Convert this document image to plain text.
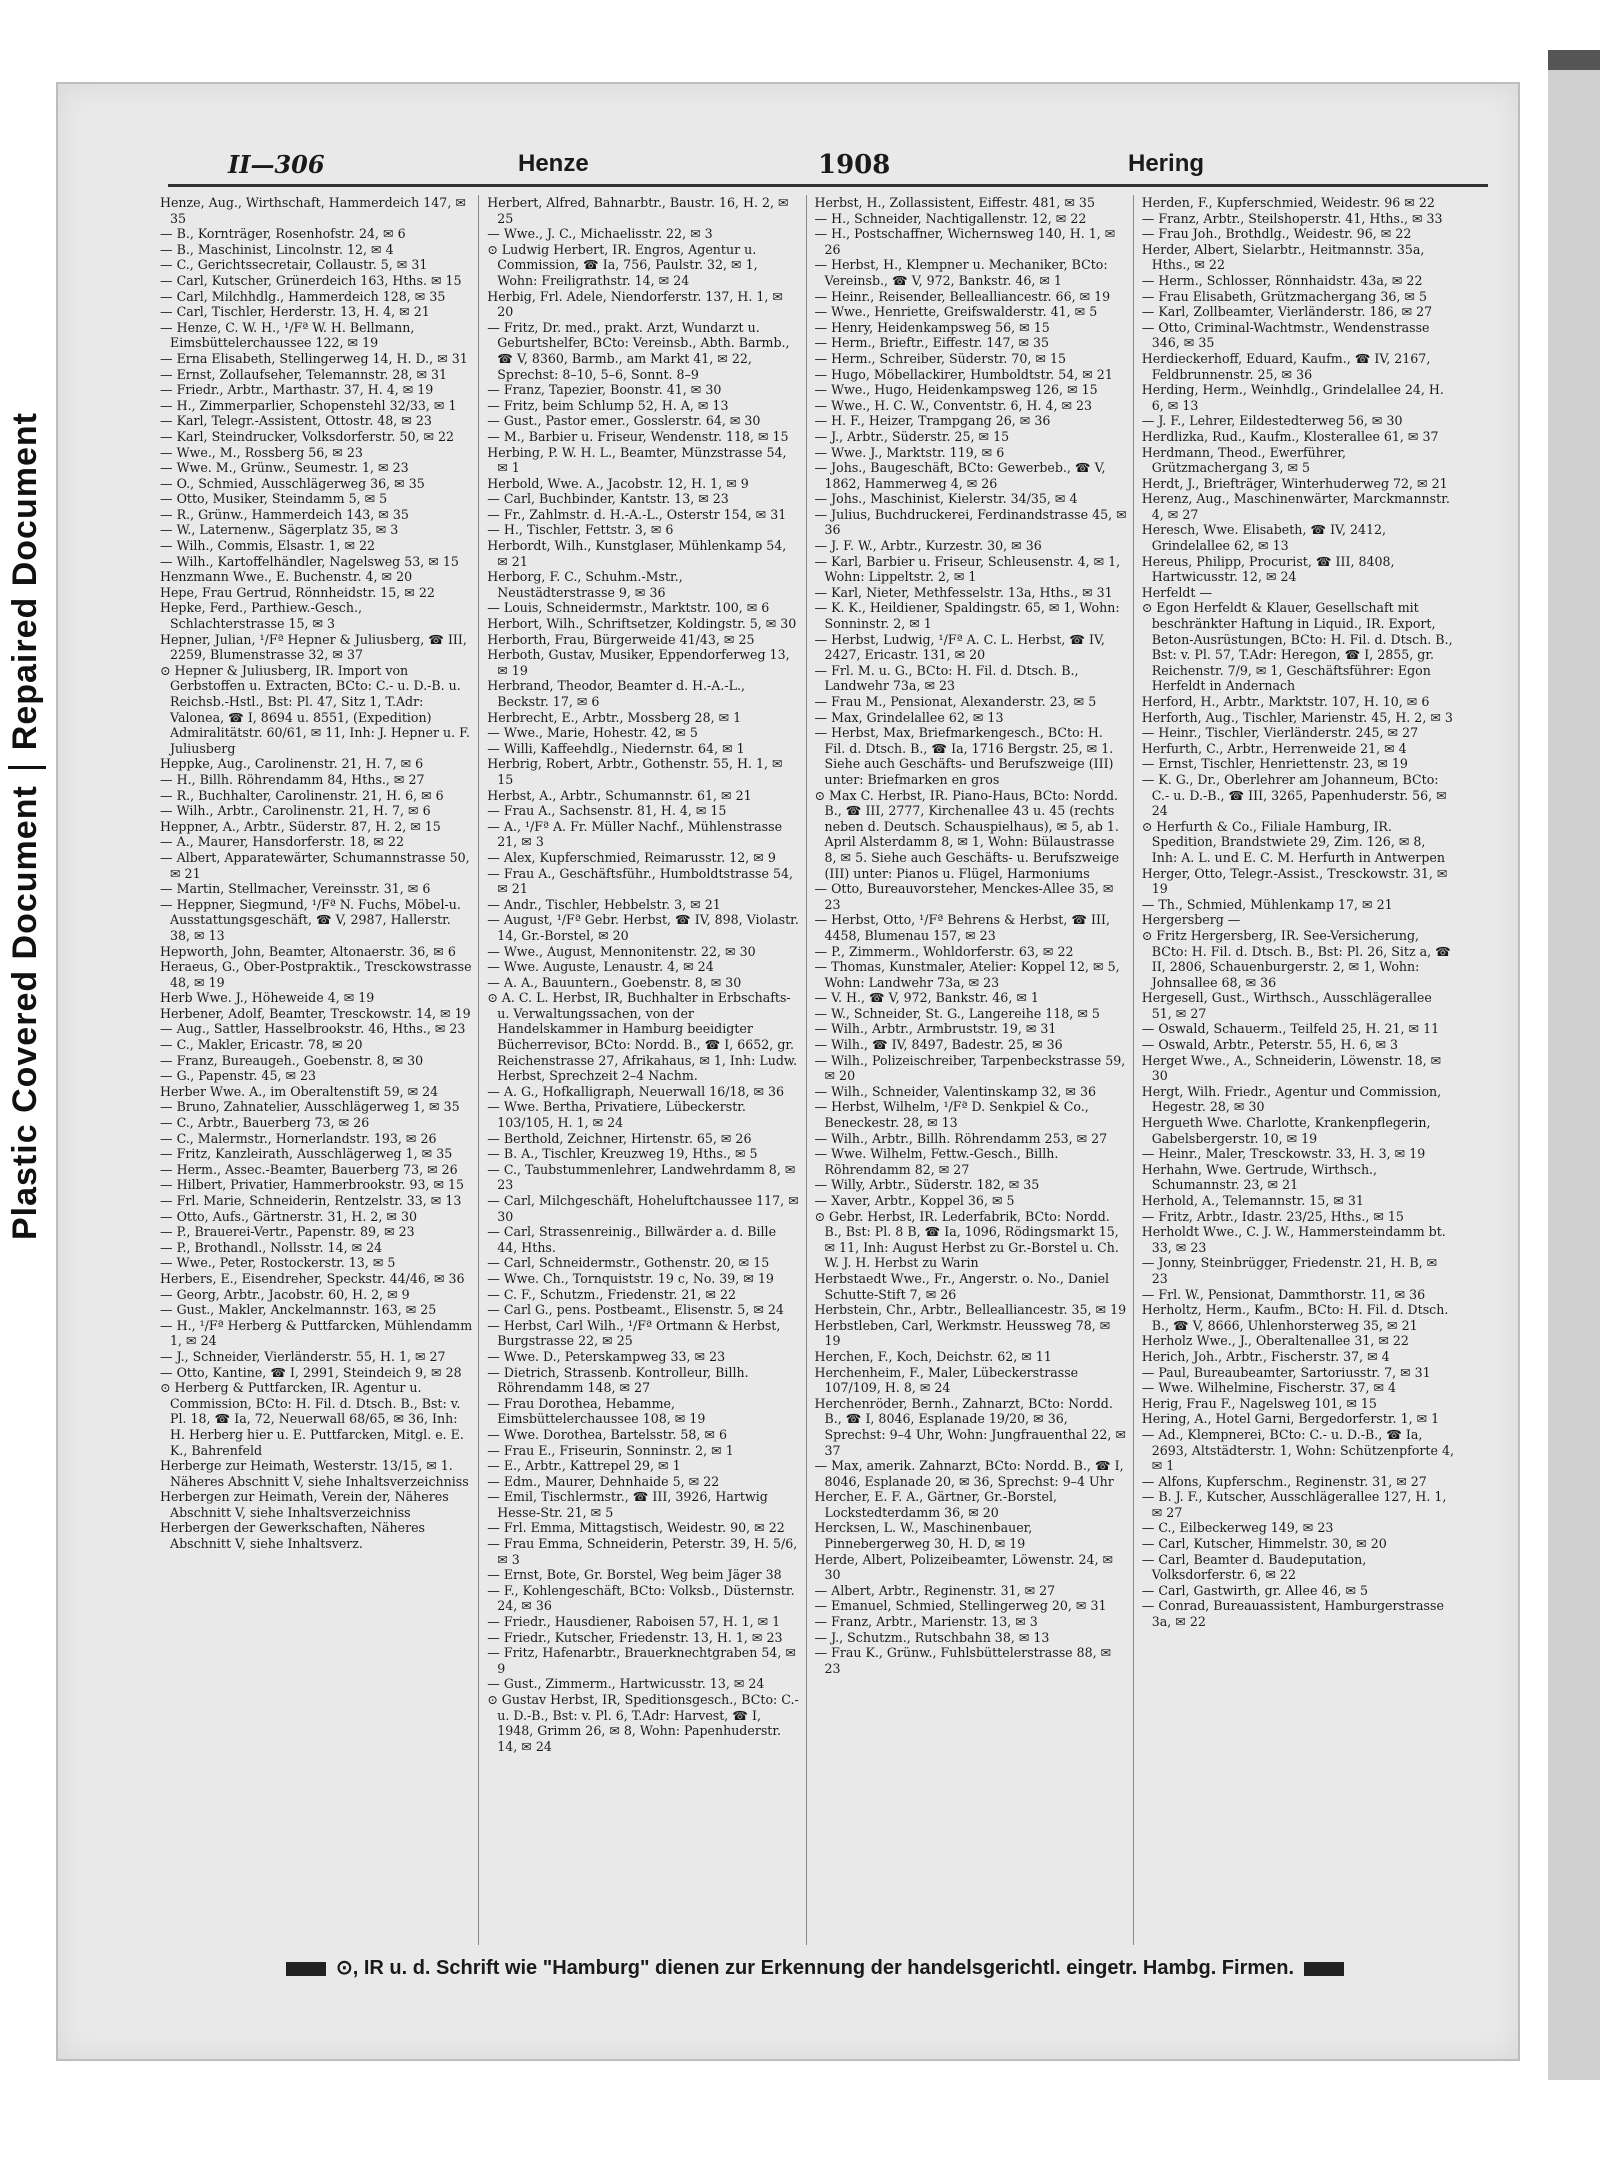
Plastic Covered DocumentRepaired Document
II—306	Henze	1908	Hering

Henze, Aug., Wirthschaft, Hammerdeich 147, ✉ 35

— B., Kornträger, Rosenhofstr. 24, ✉ 6

— B., Maschinist, Lincolnstr. 12, ✉ 4

— C., Gerichtssecretair, Collaustr. 5, ✉ 31

— Carl, Kutscher, Grünerdeich 163, Hths. ✉ 15

— Carl, Milchhdlg., Hammerdeich 128, ✉ 35

— Carl, Tischler, Herderstr. 13, H. 4, ✉ 21

— Henze, C. W. H., ¹/Fª W. H. Bellmann, Eimsbüttelerchaussee 122, ✉ 19

— Erna Elisabeth, Stellingerweg 14, H. D., ✉ 31

— Ernst, Zollaufseher, Telemannstr. 28, ✉ 31

— Friedr., Arbtr., Marthastr. 37, H. 4, ✉ 19

— H., Zimmerparlier, Schopenstehl 32/33, ✉ 1

— Karl, Telegr.-Assistent, Ottostr. 48, ✉ 23

— Karl, Steindrucker, Volksdorferstr. 50, ✉ 22

— Wwe., M., Rossberg 56, ✉ 23

— Wwe. M., Grünw., Seumestr. 1, ✉ 23

— O., Schmied, Ausschlägerweg 36, ✉ 35

— Otto, Musiker, Steindamm 5, ✉ 5

— R., Grünw., Hammerdeich 143, ✉ 35

— W., Laternenw., Sägerplatz 35, ✉ 3

— Wilh., Commis, Elsastr. 1, ✉ 22

— Wilh., Kartoffelhändler, Nagelsweg 53, ✉ 15

Henzmann Wwe., E. Buchenstr. 4, ✉ 20

Hepe, Frau Gertrud, Rönnheidstr. 15, ✉ 22

Hepke, Ferd., Parthiew.-Gesch., Schlachterstrasse 15, ✉ 3

Hepner, Julian, ¹/Fª Hepner & Juliusberg, ☎ III, 2259, Blumenstrasse 32, ✉ 37

⊙ Hepner & Juliusberg, IR. Import von Gerbstoffen u. Extracten, BCto: C.- u. D.-B. u. Reichsb.-Hstl., Bst: Pl. 47, Sitz 1, T.Adr: Valonea, ☎ I, 8694 u. 8551, (Expedition) Admiralitätstr. 60/61, ✉ 11, Inh: J. Hepner u. F. Juliusberg

Heppke, Aug., Carolinenstr. 21, H. 7, ✉ 6

— H., Billh. Röhrendamm 84, Hths., ✉ 27

— R., Buchhalter, Carolinenstr. 21, H. 6, ✉ 6

— Wilh., Arbtr., Carolinenstr. 21, H. 7, ✉ 6

Heppner, A., Arbtr., Süderstr. 87, H. 2, ✉ 15

— A., Maurer, Hansdorferstr. 18, ✉ 22

— Albert, Apparatewärter, Schumannstrasse 50, ✉ 21

— Martin, Stellmacher, Vereinsstr. 31, ✉ 6

— Heppner, Siegmund, ¹/Fª N. Fuchs, Möbel-u. Ausstattungsgeschäft, ☎ V, 2987, Hallerstr. 38, ✉ 13

Hepworth, John, Beamter, Altonaerstr. 36, ✉ 6

Heraeus, G., Ober-Postpraktik., Tresckowstrasse 48, ✉ 19

Herb Wwe. J., Höheweide 4, ✉ 19

Herbener, Adolf, Beamter, Tresckowstr. 14, ✉ 19

— Aug., Sattler, Hasselbrookstr. 46, Hths., ✉ 23

— C., Makler, Ericastr. 78, ✉ 20

— Franz, Bureaugeh., Goebenstr. 8, ✉ 30

— G., Papenstr. 45, ✉ 23

Herber Wwe. A., im Oberaltenstift 59, ✉ 24

— Bruno, Zahnatelier, Ausschlägerweg 1, ✉ 35

— C., Arbtr., Bauerberg 73, ✉ 26

— C., Malermstr., Hornerlandstr. 193, ✉ 26

— Fritz, Kanzleirath, Ausschlägerweg 1, ✉ 35

— Herm., Assec.-Beamter, Bauerberg 73, ✉ 26

— Hilbert, Privatier, Hammerbrookstr. 93, ✉ 15

— Frl. Marie, Schneiderin, Rentzelstr. 33, ✉ 13

— Otto, Aufs., Gärtnerstr. 31, H. 2, ✉ 30

— P., Brauerei-Vertr., Papenstr. 89, ✉ 23

— P., Brothandl., Nollsstr. 14, ✉ 24

— Wwe., Peter, Rostockerstr. 13, ✉ 5

Herbers, E., Eisendreher, Speckstr. 44/46, ✉ 36

— Georg, Arbtr., Jacobstr. 60, H. 2, ✉ 9

— Gust., Makler, Anckelmannstr. 163, ✉ 25

— H., ¹/Fª Herberg & Puttfarcken, Mühlendamm 1, ✉ 24

— J., Schneider, Vierländerstr. 55, H. 1, ✉ 27

— Otto, Kantine, ☎ I, 2991, Steindeich 9, ✉ 28

⊙ Herberg & Puttfarcken, IR. Agentur u. Commission, BCto: H. Fil. d. Dtsch. B., Bst: v. Pl. 18, ☎ Ia, 72, Neuerwall 68/65, ✉ 36, Inh: H. Herberg hier u. E. Puttfarcken, Mitgl. e. E. K., Bahrenfeld

Herberge zur Heimath, Westerstr. 13/15, ✉ 1. Näheres Abschnitt V, siehe Inhaltsverzeichniss

Herbergen zur Heimath, Verein der, Näheres Abschnitt V, siehe Inhaltsverzeichniss

Herbergen der Gewerkschaften, Näheres Abschnitt V, siehe Inhaltsverz.

Herbert, Alfred, Bahnarbtr., Baustr. 16, H. 2, ✉ 25

— Wwe., J. C., Michaelisstr. 22, ✉ 3

⊙ Ludwig Herbert, IR. Engros, Agentur u. Commission, ☎ Ia, 756, Paulstr. 32, ✉ 1, Wohn: Freiligrathstr. 14, ✉ 24

Herbig, Frl. Adele, Niendorferstr. 137, H. 1, ✉ 20

— Fritz, Dr. med., prakt. Arzt, Wundarzt u. Geburtshelfer, BCto: Vereinsb., Abth. Barmb., ☎ V, 8360, Barmb., am Markt 41, ✉ 22, Sprechst: 8–10, 5–6, Sonnt. 8–9

— Franz, Tapezier, Boonstr. 41, ✉ 30

— Fritz, beim Schlump 52, H. A, ✉ 13

— Gust., Pastor emer., Gosslerstr. 64, ✉ 30

— M., Barbier u. Friseur, Wendenstr. 118, ✉ 15

Herbing, P. W. H. L., Beamter, Münzstrasse 54, ✉ 1

Herbold, Wwe. A., Jacobstr. 12, H. 1, ✉ 9

— Carl, Buchbinder, Kantstr. 13, ✉ 23

— Fr., Zahlmstr. d. H.-A.-L., Osterstr 154, ✉ 31

— H., Tischler, Fettstr. 3, ✉ 6

Herbordt, Wilh., Kunstglaser, Mühlenkamp 54, ✉ 21

Herborg, F. C., Schuhm.-Mstr., Neustädterstrasse 9, ✉ 36

— Louis, Schneidermstr., Marktstr. 100, ✉ 6

Herbort, Wilh., Schriftsetzer, Koldingstr. 5, ✉ 30

Herborth, Frau, Bürgerweide 41/43, ✉ 25

Herboth, Gustav, Musiker, Eppendorferweg 13, ✉ 19

Herbrand, Theodor, Beamter d. H.-A.-L., Beckstr. 17, ✉ 6

Herbrecht, E., Arbtr., Mossberg 28, ✉ 1

— Wwe., Marie, Hohestr. 42, ✉ 5

— Willi, Kaffeehdlg., Niedernstr. 64, ✉ 1

Herbrig, Robert, Arbtr., Gothenstr. 55, H. 1, ✉ 15

Herbst, A., Arbtr., Schumannstr. 61, ✉ 21

— Frau A., Sachsenstr. 81, H. 4, ✉ 15

— A., ¹/Fª A. Fr. Müller Nachf., Mühlenstrasse 21, ✉ 3

— Alex, Kupferschmied, Reimarusstr. 12, ✉ 9

— Frau A., Geschäftsführ., Humboldtstrasse 54, ✉ 21

— Andr., Tischler, Hebbelstr. 3, ✉ 21

— August, ¹/Fª Gebr. Herbst, ☎ IV, 898, Violastr. 14, Gr.-Borstel, ✉ 20

— Wwe., August, Mennonitenstr. 22, ✉ 30

— Wwe. Auguste, Lenaustr. 4, ✉ 24

— A. A., Bauuntern., Goebenstr. 8, ✉ 30

⊙ A. C. L. Herbst, IR, Buchhalter in Erbschafts- u. Verwaltungssachen, von der Handelskammer in Hamburg beeidigter Bücherrevisor, BCto: Nordd. B., ☎ I, 6652, gr. Reichenstrasse 27, Afrikahaus, ✉ 1, Inh: Ludw. Herbst, Sprechzeit 2–4 Nachm.

— A. G., Hofkalligraph, Neuerwall 16/18, ✉ 36

— Wwe. Bertha, Privatiere, Lübeckerstr. 103/105, H. 1, ✉ 24

— Berthold, Zeichner, Hirtenstr. 65, ✉ 26

— B. A., Tischler, Kreuzweg 19, Hths., ✉ 5

— C., Taubstummenlehrer, Landwehrdamm 8, ✉ 23

— Carl, Milchgeschäft, Hoheluftchaussee 117, ✉ 30

— Carl, Strassenreinig., Billwärder a. d. Bille 44, Hths.

— Carl, Schneidermstr., Gothenstr. 20, ✉ 15

— Wwe. Ch., Tornquiststr. 19 c, No. 39, ✉ 19

— C. F., Schutzm., Friedenstr. 21, ✉ 22

— Carl G., pens. Postbeamt., Elisenstr. 5, ✉ 24

— Herbst, Carl Wilh., ¹/Fª Ortmann & Herbst, Burgstrasse 22, ✉ 25

— Wwe. D., Peterskampweg 33, ✉ 23

— Dietrich, Strassenb. Kontrolleur, Billh. Röhrendamm 148, ✉ 27

— Frau Dorothea, Hebamme, Eimsbüttelerchaussee 108, ✉ 19

— Wwe. Dorothea, Bartelsstr. 58, ✉ 6

— Frau E., Friseurin, Sonninstr. 2, ✉ 1

— E., Arbtr., Kattrepel 29, ✉ 1

— Edm., Maurer, Dehnhaide 5, ✉ 22

— Emil, Tischlermstr., ☎ III, 3926, Hartwig Hesse-Str. 21, ✉ 5

— Frl. Emma, Mittagstisch, Weidestr. 90, ✉ 22

— Frau Emma, Schneiderin, Peterstr. 39, H. 5/6, ✉ 3

— Ernst, Bote, Gr. Borstel, Weg beim Jäger 38

— F., Kohlengeschäft, BCto: Volksb., Düsternstr. 24, ✉ 36

— Friedr., Hausdiener, Raboisen 57, H. 1, ✉ 1

— Friedr., Kutscher, Friedenstr. 13, H. 1, ✉ 23

— Fritz, Hafenarbtr., Brauerknechtgraben 54, ✉ 9

— Gust., Zimmerm., Hartwicusstr. 13, ✉ 24

⊙ Gustav Herbst, IR, Speditionsgesch., BCto: C.- u. D.-B., Bst: v. Pl. 6, T.Adr: Harvest, ☎ I, 1948, Grimm 26, ✉ 8, Wohn: Papenhuderstr. 14, ✉ 24

Herbst, H., Zollassistent, Eiffestr. 481, ✉ 35

— H., Schneider, Nachtigallenstr. 12, ✉ 22

— H., Postschaffner, Wichernsweg 140, H. 1, ✉ 26

— Herbst, H., Klempner u. Mechaniker, BCto: Vereinsb., ☎ V, 972, Bankstr. 46, ✉ 1

— Heinr., Reisender, Bellealliancestr. 66, ✉ 19

— Wwe., Henriette, Greifswalderstr. 41, ✉ 5

— Henry, Heidenkampsweg 56, ✉ 15

— Herm., Brieftr., Eiffestr. 147, ✉ 35

— Herm., Schreiber, Süderstr. 70, ✉ 15

— Hugo, Möbellackirer, Humboldtstr. 54, ✉ 21

— Wwe., Hugo, Heidenkampsweg 126, ✉ 15

— Wwe., H. C. W., Conventstr. 6, H. 4, ✉ 23

— H. F., Heizer, Trampgang 26, ✉ 36

— J., Arbtr., Süderstr. 25, ✉ 15

— Wwe. J., Marktstr. 119, ✉ 6

— Johs., Baugeschäft, BCto: Gewerbeb., ☎ V, 1862, Hammerweg 4, ✉ 26

— Johs., Maschinist, Kielerstr. 34/35, ✉ 4

— Julius, Buchdruckerei, Ferdinandstrasse 45, ✉ 36

— J. F. W., Arbtr., Kurzestr. 30, ✉ 36

— Karl, Barbier u. Friseur, Schleusenstr. 4, ✉ 1, Wohn: Lippeltstr. 2, ✉ 1

— Karl, Nieter, Methfesselstr. 13a, Hths., ✉ 31

— K. K., Heildiener, Spaldingstr. 65, ✉ 1, Wohn: Sonninstr. 2, ✉ 1

— Herbst, Ludwig, ¹/Fª A. C. L. Herbst, ☎ IV, 2427, Ericastr. 131, ✉ 20

— Frl. M. u. G., BCto: H. Fil. d. Dtsch. B., Landwehr 73a, ✉ 23

— Frau M., Pensionat, Alexanderstr. 23, ✉ 5

— Max, Grindelallee 62, ✉ 13

— Herbst, Max, Briefmarkengesch., BCto: H. Fil. d. Dtsch. B., ☎ Ia, 1716 Bergstr. 25, ✉ 1. Siehe auch Geschäfts- und Berufszweige (III) unter: Briefmarken en gros

⊙ Max C. Herbst, IR. Piano-Haus, BCto: Nordd. B., ☎ III, 2777, Kirchenallee 43 u. 45 (rechts neben d. Deutsch. Schauspielhaus), ✉ 5, ab 1. April Alsterdamm 8, ✉ 1, Wohn: Bülaustrasse 8, ✉ 5. Siehe auch Geschäfts- u. Berufszweige (III) unter: Pianos u. Flügel, Harmoniums

— Otto, Bureauvorsteher, Menckes-Allee 35, ✉ 23

— Herbst, Otto, ¹/Fª Behrens & Herbst, ☎ III, 4458, Blumenau 157, ✉ 23

— P., Zimmerm., Wohldorferstr. 63, ✉ 22

— Thomas, Kunstmaler, Atelier: Koppel 12, ✉ 5, Wohn: Landwehr 73a, ✉ 23

— V. H., ☎ V, 972, Bankstr. 46, ✉ 1

— W., Schneider, St. G., Langereihe 118, ✉ 5

— Wilh., Arbtr., Armbruststr. 19, ✉ 31

— Wilh., ☎ IV, 8497, Badestr. 25, ✉ 36

— Wilh., Polizeischreiber, Tarpenbeckstrasse 59, ✉ 20

— Wilh., Schneider, Valentinskamp 32, ✉ 36

— Herbst, Wilhelm, ¹/Fª D. Senkpiel & Co., Beneckestr. 28, ✉ 13

— Wilh., Arbtr., Billh. Röhrendamm 253, ✉ 27

— Wwe. Wilhelm, Fettw.-Gesch., Billh. Röhrendamm 82, ✉ 27

— Willy, Arbtr., Süderstr. 182, ✉ 35

— Xaver, Arbtr., Koppel 36, ✉ 5

⊙ Gebr. Herbst, IR. Lederfabrik, BCto: Nordd. B., Bst: Pl. 8 B, ☎ Ia, 1096, Rödingsmarkt 15, ✉ 11, Inh: August Herbst zu Gr.-Borstel u. Ch. W. J. H. Herbst zu Warin

Herbstaedt Wwe., Fr., Angerstr. o. No., Daniel Schutte-Stift 7, ✉ 26

Herbstein, Chr., Arbtr., Bellealliancestr. 35, ✉ 19

Herbstleben, Carl, Werkmstr. Heussweg 78, ✉ 19

Herchen, F., Koch, Deichstr. 62, ✉ 11

Herchenheim, F., Maler, Lübeckerstrasse 107/109, H. 8, ✉ 24

Herchenröder, Bernh., Zahnarzt, BCto: Nordd. B., ☎ I, 8046, Esplanade 19/20, ✉ 36, Sprechst: 9–4 Uhr, Wohn: Jungfrauenthal 22, ✉ 37

— Max, amerik. Zahnarzt, BCto: Nordd. B., ☎ I, 8046, Esplanade 20, ✉ 36, Sprechst: 9–4 Uhr

Hercher, E. F. A., Gärtner, Gr.-Borstel, Lockstedterdamm 36, ✉ 20

Hercksen, L. W., Maschinenbauer, Pinnebergerweg 30, H. D, ✉ 19

Herde, Albert, Polizeibeamter, Löwenstr. 24, ✉ 30

— Albert, Arbtr., Reginenstr. 31, ✉ 27

— Emanuel, Schmied, Stellingerweg 20, ✉ 31

— Franz, Arbtr., Marienstr. 13, ✉ 3

— J., Schutzm., Rutschbahn 38, ✉ 13

— Frau K., Grünw., Fuhlsbüttelerstrasse 88, ✉ 23

Herden, F., Kupferschmied, Weidestr. 96 ✉ 22

— Franz, Arbtr., Steilshoperstr. 41, Hths., ✉ 33

— Frau Joh., Brothdlg., Weidestr. 96, ✉ 22

Herder, Albert, Sielarbtr., Heitmannstr. 35a, Hths., ✉ 22

— Herm., Schlosser, Rönnhaidstr. 43a, ✉ 22

— Frau Elisabeth, Grützmachergang 36, ✉ 5

— Karl, Zollbeamter, Vierländerstr. 186, ✉ 27

— Otto, Criminal-Wachtmstr., Wendenstrasse 346, ✉ 35

Herdieckerhoff, Eduard, Kaufm., ☎ IV, 2167, Feldbrunnenstr. 25, ✉ 36

Herding, Herm., Weinhdlg., Grindelallee 24, H. 6, ✉ 13

— J. F., Lehrer, Eildestedterweg 56, ✉ 30

Herdlizka, Rud., Kaufm., Klosterallee 61, ✉ 37

Herdmann, Theod., Ewerführer, Grützmachergang 3, ✉ 5

Herdt, J., Briefträger, Winterhuderweg 72, ✉ 21

Herenz, Aug., Maschinenwärter, Marckmannstr. 4, ✉ 27

Heresch, Wwe. Elisabeth, ☎ IV, 2412, Grindelallee 62, ✉ 13

Hereus, Philipp, Procurist, ☎ III, 8408, Hartwicusstr. 12, ✉ 24

Herfeldt —

⊙ Egon Herfeldt & Klauer, Gesellschaft mit beschränkter Haftung in Liquid., IR. Export, Beton-Ausrüstungen, BCto: H. Fil. d. Dtsch. B., Bst: v. Pl. 57, T.Adr: Heregon, ☎ I, 2855, gr. Reichenstr. 7/9, ✉ 1, Geschäftsführer: Egon Herfeldt in Andernach

Herford, H., Arbtr., Marktstr. 107, H. 10, ✉ 6

Herforth, Aug., Tischler, Marienstr. 45, H. 2, ✉ 3

— Heinr., Tischler, Vierländerstr. 245, ✉ 27

Herfurth, C., Arbtr., Herrenweide 21, ✉ 4

— Ernst, Tischler, Henriettenstr. 23, ✉ 19

— K. G., Dr., Oberlehrer am Johanneum, BCto: C.- u. D.-B., ☎ III, 3265, Papenhuderstr. 56, ✉ 24

⊙ Herfurth & Co., Filiale Hamburg, IR. Spedition, Brandstwiete 29, Zim. 126, ✉ 8, Inh: A. L. und E. C. M. Herfurth in Antwerpen

Herger, Otto, Telegr.-Assist., Tresckowstr. 31, ✉ 19

— Th., Schmied, Mühlenkamp 17, ✉ 21

Hergersberg —

⊙ Fritz Hergersberg, IR. See-Versicherung, BCto: H. Fil. d. Dtsch. B., Bst: Pl. 26, Sitz a, ☎ II, 2806, Schauenburgerstr. 2, ✉ 1, Wohn: Johnsallee 68, ✉ 36

Hergesell, Gust., Wirthsch., Ausschlägerallee 51, ✉ 27

— Oswald, Schauerm., Teilfeld 25, H. 21, ✉ 11

— Oswald, Arbtr., Peterstr. 55, H. 6, ✉ 3

Herget Wwe., A., Schneiderin, Löwenstr. 18, ✉ 30

Hergt, Wilh. Friedr., Agentur und Commission, Hegestr. 28, ✉ 30

Hergueth Wwe. Charlotte, Krankenpflegerin, Gabelsbergerstr. 10, ✉ 19

— Heinr., Maler, Tresckowstr. 33, H. 3, ✉ 19

Herhahn, Wwe. Gertrude, Wirthsch., Schumannstr. 23, ✉ 21

Herhold, A., Telemannstr. 15, ✉ 31

— Fritz, Arbtr., Idastr. 23/25, Hths., ✉ 15

Herholdt Wwe., C. J. W., Hammersteindamm bt. 33, ✉ 23

— Jonny, Steinbrügger, Friedenstr. 21, H. B, ✉ 23

— Frl. W., Pensionat, Dammthorstr. 11, ✉ 36

Herholtz, Herm., Kaufm., BCto: H. Fil. d. Dtsch. B., ☎ V, 8666, Uhlenhorsterweg 35, ✉ 21

Herholz Wwe., J., Oberaltenallee 31, ✉ 22

Herich, Joh., Arbtr., Fischerstr. 37, ✉ 4

— Paul, Bureaubeamter, Sartoriusstr. 7, ✉ 31

— Wwe. Wilhelmine, Fischerstr. 37, ✉ 4

Herig, Frau F., Nagelsweg 101, ✉ 15

Hering, A., Hotel Garni, Bergedorferstr. 1, ✉ 1

— Ad., Klempnerei, BCto: C.- u. D.-B., ☎ Ia, 2693, Altstädterstr. 1, Wohn: Schützenpforte 4, ✉ 1

— Alfons, Kupferschm., Reginenstr. 31, ✉ 27

— B. J. F., Kutscher, Ausschlägerallee 127, H. 1, ✉ 27

— C., Eilbeckerweg 149, ✉ 23

— Carl, Kutscher, Himmelstr. 30, ✉ 20

— Carl, Beamter d. Baudeputation, Volksdorferstr. 6, ✉ 22

— Carl, Gastwirth, gr. Allee 46, ✉ 5

— Conrad, Bureauassistent, Hamburgerstrasse 3a, ✉ 22

⊙, IR u. d. Schrift wie "Hamburg" dienen zur Erkennung der handelsgerichtl. eingetr. Hambg. Firmen.
